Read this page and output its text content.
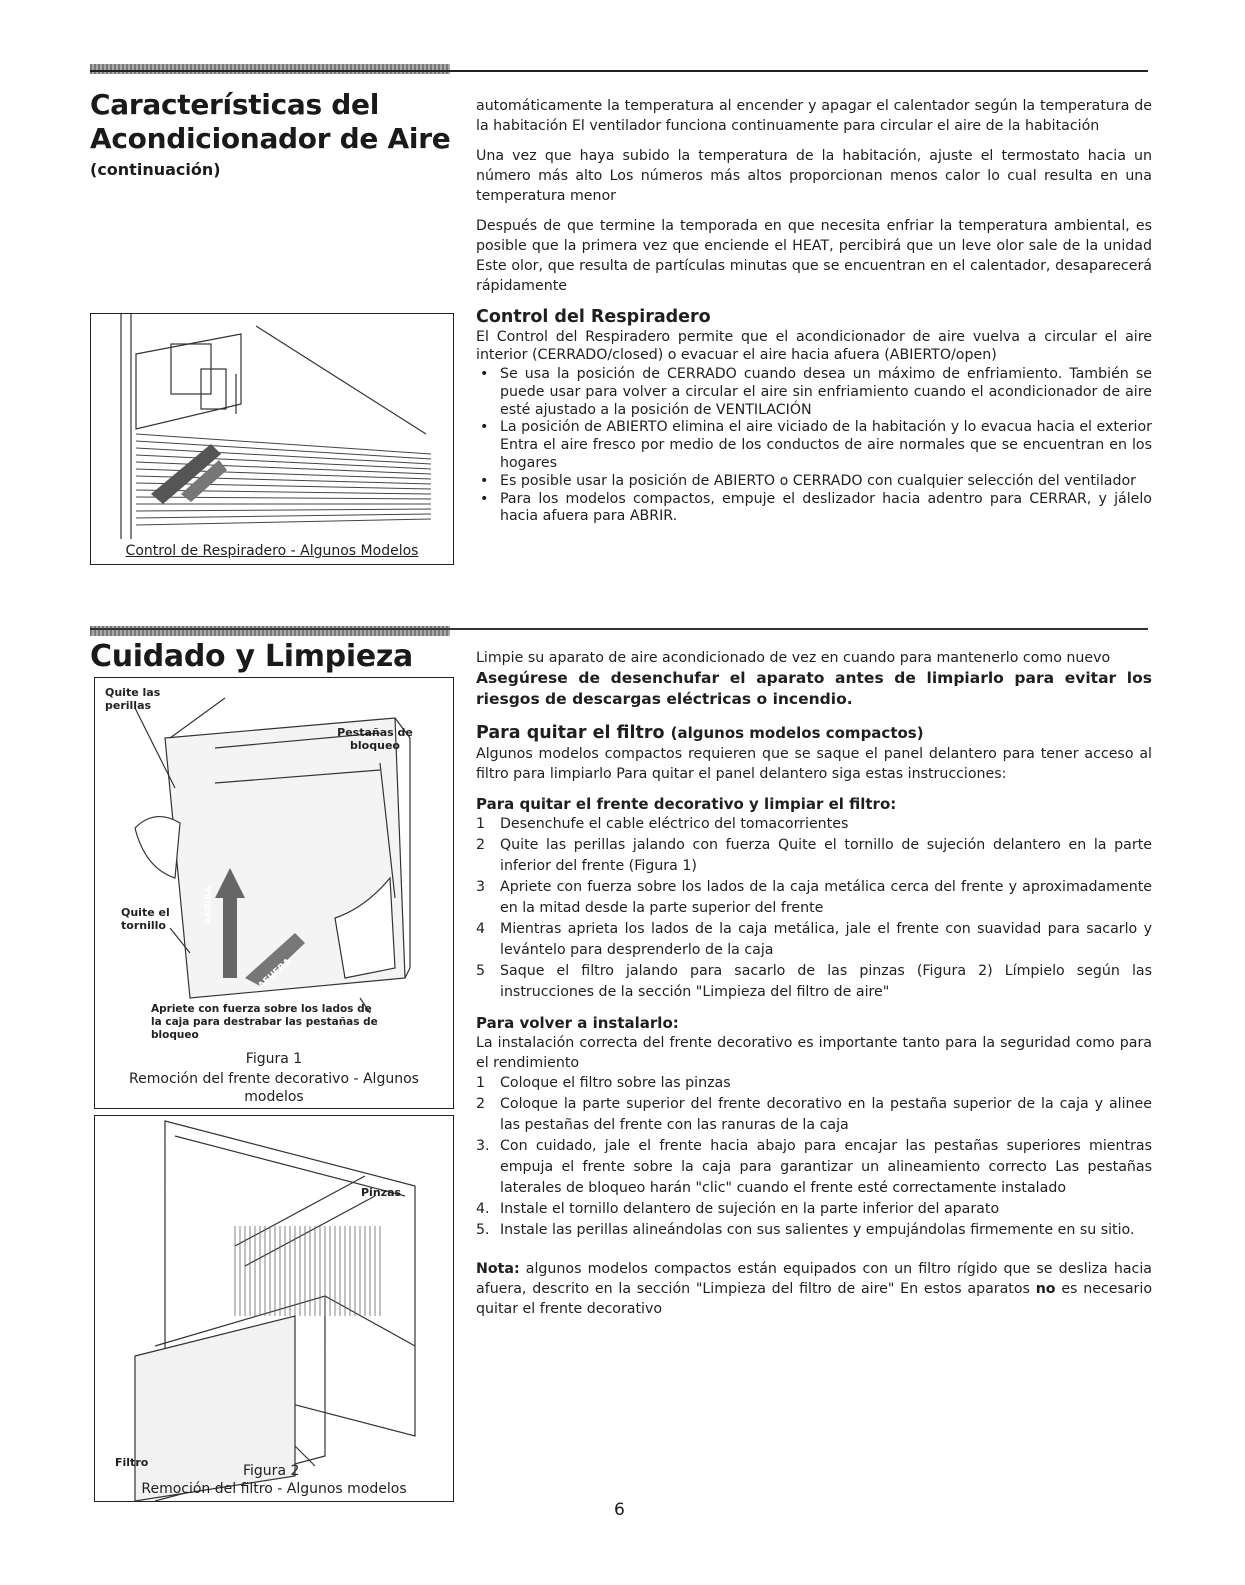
Características del
Acondicionador de Aire
(continuación)
Control de Respiradero - Algunos Modelos

automáticamente la temperatura al encender y apagar el calentador según la temperatura de la habitación El ventilador funciona continuamente para circular el aire de la habitación

Una vez que haya subido la temperatura de la habitación, ajuste el termostato hacia un número más alto Los números más altos proporcionan menos calor lo cual resulta en una temperatura menor

Después de que termine la temporada en que necesita enfriar la temperatura ambiental, es posible que la primera vez que enciende el HEAT, percibirá que un leve olor sale de la unidad Este olor, que resulta de partículas minutas que se encuentran en el calentador, desaparecerá rápidamente

Control del Respiradero

El Control del Respiradero permite que el acondicionador de aire vuelva a circular el aire interior (CERRADO/closed) o evacuar el aire hacia afuera (ABIERTO/open)

• Se usa la posición de CERRADO cuando desea un máximo de enfriamiento. También se puede usar para volver a circular el aire sin enfriamiento cuando el acondicionador de aire esté ajustado a la posición de VENTILACIÓN
• La posición de ABIERTO elimina el aire viciado de la habitación y lo evacua hacia el exterior Entra el aire fresco por medio de los conductos de aire normales que se encuentran en los hogares
• Es posible usar la posición de ABIERTO o CERRADO con cualquier selección del ventilador
• Para los modelos compactos, empuje el deslizador hacia adentro para CERRAR, y jálelo hacia afuera para ABRIR.
Cuidado y Limpieza
Quite las perillas
Pestañas de bloqueo
Quite el tornillo
ARRIBA
AFUERA
Apriete con fuerza sobre los lados de la caja para destrabar las pestañas de bloqueo
Figura 1
Remoción del frente decorativo - Algunos modelos
Pinzas
Filtro
Figura 2
Remoción del filtro - Algunos modelos

Limpie su aparato de aire acondicionado de vez en cuando para mantenerlo como nuevo

Asegúrese de desenchufar el aparato antes de limpiarlo para evitar los riesgos de descargas eléctricas o incendio.

Para quitar el filtro (algunos modelos compactos)

Algunos modelos compactos requieren que se saque el panel delantero para tener acceso al filtro para limpiarlo Para quitar el panel delantero siga estas instrucciones:

Para quitar el frente decorativo y limpiar el filtro:
1 Desenchufe el cable eléctrico del tomacorrientes
2 Quite las perillas jalando con fuerza Quite el tornillo de sujeción delantero en la parte inferior del frente (Figura 1)
3 Apriete con fuerza sobre los lados de la caja metálica cerca del frente y aproximadamente en la mitad desde la parte superior del frente
4 Mientras aprieta los lados de la caja metálica, jale el frente con suavidad para sacarlo y levántelo para desprenderlo de la caja
5 Saque el filtro jalando para sacarlo de las pinzas (Figura 2) Límpielo según las instrucciones de la sección "Limpieza del filtro de aire"
Para volver a instalarlo:

La instalación correcta del frente decorativo es importante tanto para la seguridad como para el rendimiento

1 Coloque el filtro sobre las pinzas
2 Coloque la parte superior del frente decorativo en la pestaña superior de la caja y alinee las pestañas del frente con las ranuras de la caja
3. Con cuidado, jale el frente hacia abajo para encajar las pestañas superiores mientras empuja el frente sobre la caja para garantizar un alineamiento correcto Las pestañas laterales de bloqueo harán "clic" cuando el frente esté correctamente instalado
4. Instale el tornillo delantero de sujeción en la parte inferior del aparato
5. Instale las perillas alineándolas con sus salientes y empujándolas firmemente en su sitio.

Nota: algunos modelos compactos están equipados con un filtro rígido que se desliza hacia afuera, descrito en la sección "Limpieza del filtro de aire" En estos aparatos no es necesario quitar el frente decorativo

6
